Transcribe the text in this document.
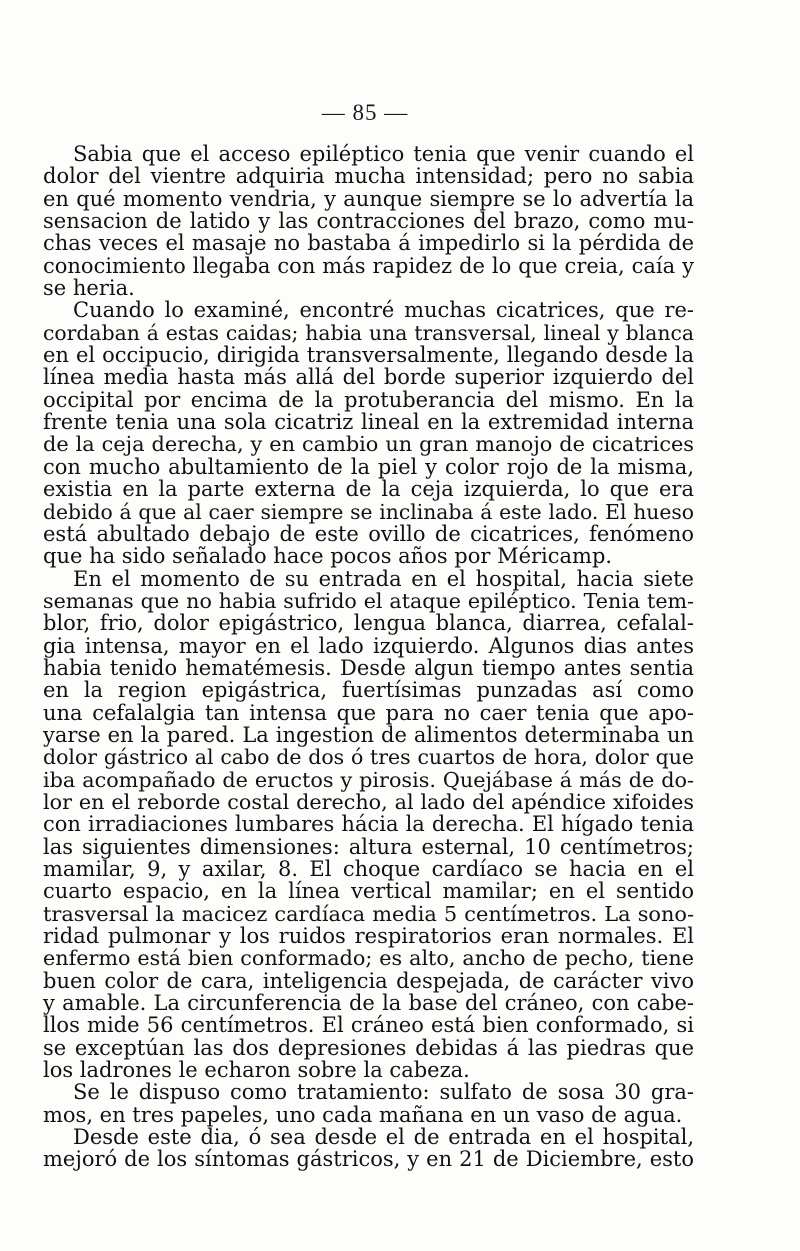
— 85 —

Sabia que el acceso epiléptico tenia que venir cuando el
dolor del vientre adquiria mucha intensidad; pero no sabia
en qué momento vendria, y aunque siempre se lo advertía la
sensacion de latido y las contracciones del brazo, como mu-
chas veces el masaje no bastaba á impedirlo si la pérdida de
conocimiento llegaba con más rapidez de lo que creia, caía y
se heria.

Cuando lo examiné, encontré muchas cicatrices, que re-
cordaban á estas caidas; habia una transversal, lineal y blanca
en el occipucio, dirigida transversalmente, llegando desde la
línea media hasta más allá del borde superior izquierdo del
occipital por encima de la protuberancia del mismo. En la
frente tenia una sola cicatriz lineal en la extremidad interna
de la ceja derecha, y en cambio un gran manojo de cicatrices
con mucho abultamiento de la piel y color rojo de la misma,
existia en la parte externa de la ceja izquierda, lo que era
debido á que al caer siempre se inclinaba á este lado. El hueso
está abultado debajo de este ovillo de cicatrices, fenómeno
que ha sido señalado hace pocos años por Méricamp.

En el momento de su entrada en el hospital, hacia siete
semanas que no habia sufrido el ataque epiléptico. Tenia tem-
blor, frio, dolor epigástrico, lengua blanca, diarrea, cefalal-
gia intensa, mayor en el lado izquierdo. Algunos dias antes
habia tenido hematémesis. Desde algun tiempo antes sentia
en la region epigástrica, fuertísimas punzadas así como
una cefalalgia tan intensa que para no caer tenia que apo-
yarse en la pared. La ingestion de alimentos determinaba un
dolor gástrico al cabo de dos ó tres cuartos de hora, dolor que
iba acompañado de eructos y pirosis. Quejábase á más de do-
lor en el reborde costal derecho, al lado del apéndice xifoides
con irradiaciones lumbares hácia la derecha. El hígado tenia
las siguientes dimensiones: altura esternal, 10 centímetros;
mamilar, 9, y axilar, 8. El choque cardíaco se hacia en el
cuarto espacio, en la línea vertical mamilar; en el sentido
trasversal la macicez cardíaca media 5 centímetros. La sono-
ridad pulmonar y los ruidos respiratorios eran normales. El
enfermo está bien conformado; es alto, ancho de pecho, tiene
buen color de cara, inteligencia despejada, de carácter vivo
y amable. La circunferencia de la base del cráneo, con cabe-
llos mide 56 centímetros. El cráneo está bien conformado, si
se exceptúan las dos depresiones debidas á las piedras que
los ladrones le echaron sobre la cabeza.

Se le dispuso como tratamiento: sulfato de sosa 30 gra-
mos, en tres papeles, uno cada mañana en un vaso de agua.

Desde este dia, ó sea desde el de entrada en el hospital,
mejoró de los síntomas gástricos, y en 21 de Diciembre, esto
